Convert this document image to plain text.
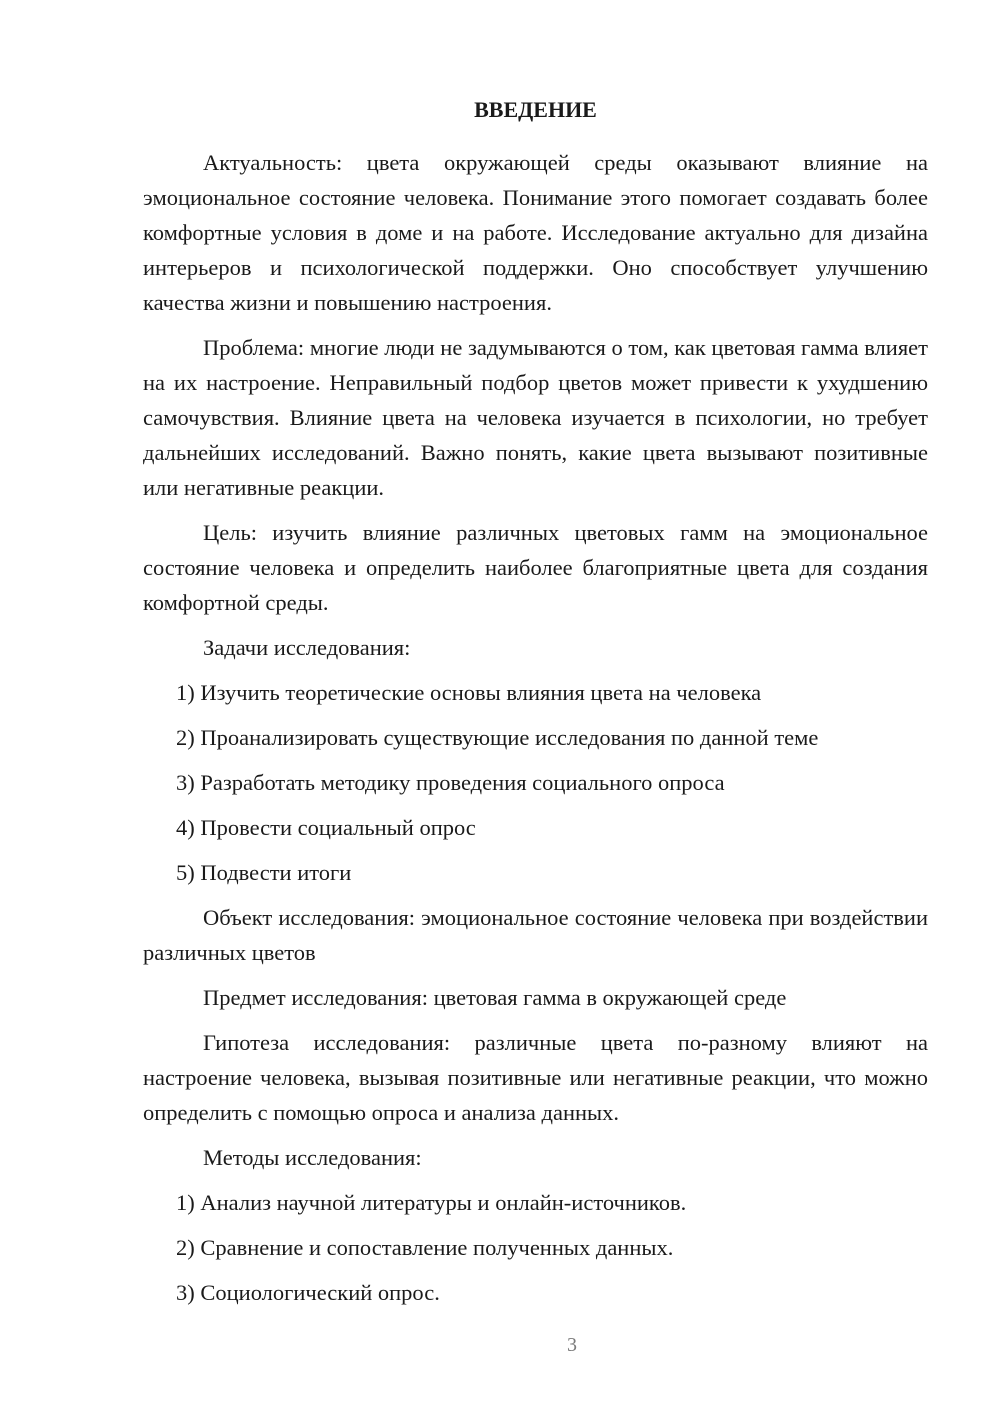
ВВЕДЕНИЕ

Актуальность: цвета окружающей среды оказывают влияние на эмоциональное состояние человека. Понимание этого помогает создавать более комфортные условия в доме и на работе. Исследование актуально для дизайна интерьеров и психологической поддержки. Оно способствует улучшению качества жизни и повышению настроения.

Проблема: многие люди не задумываются о том, как цветовая гамма влияет на их настроение. Неправильный подбор цветов может привести к ухудшению самочувствия. Влияние цвета на человека изучается в психологии, но требует дальнейших исследований. Важно понять, какие цвета вызывают позитивные или негативные реакции.

Цель: изучить влияние различных цветовых гамм на эмоциональное состояние человека и определить наиболее благоприятные цвета для создания комфортной среды.

Задачи исследования:

1) Изучить теоретические основы влияния цвета на человека
2) Проанализировать существующие исследования по данной теме
3) Разработать методику проведения социального опроса
4) Провести социальный опрос
5) Подвести итоги

Объект исследования: эмоциональное состояние человека при воздействии различных цветов

Предмет исследования: цветовая гамма в окружающей среде

Гипотеза исследования: различные цвета по-разному влияют на настроение человека, вызывая позитивные или негативные реакции, что можно определить с помощью опроса и анализа данных.

Методы исследования:

1) Анализ научной литературы и онлайн-источников.
2) Сравнение и сопоставление полученных данных.
3) Социологический опрос.
3
